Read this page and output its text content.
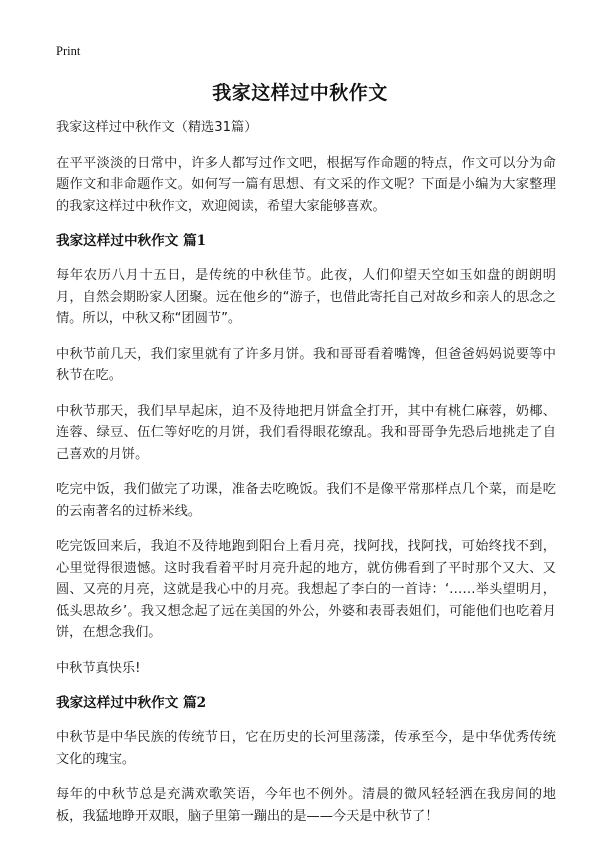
Print
我家这样过中秋作文

我家这样过中秋作文（精选31篇）

在平平淡淡的日常中，许多人都写过作文吧，根据写作命题的特点，作文可以分为命题作文和非命题作文。如何写一篇有思想、有文采的作文呢？下面是小编为大家整理的我家这样过中秋作文，欢迎阅读，希望大家能够喜欢。

我家这样过中秋作文 篇1

每年农历八月十五日，是传统的中秋佳节。此夜，人们仰望天空如玉如盘的朗朗明月，自然会期盼家人团聚。远在他乡的“游子，也借此寄托自己对故乡和亲人的思念之情。所以，中秋又称“团圆节”。

中秋节前几天，我们家里就有了许多月饼。我和哥哥看着嘴馋，但爸爸妈妈说要等中秋节在吃。

中秋节那天，我们早早起床，迫不及待地把月饼盒全打开，其中有桃仁麻蓉，奶椰、连蓉、绿豆、伍仁等好吃的月饼，我们看得眼花缭乱。我和哥哥争先恐后地挑走了自己喜欢的月饼。

吃完中饭，我们做完了功课，准备去吃晚饭。我们不是像平常那样点几个菜，而是吃的云南著名的过桥米线。

吃完饭回来后，我迫不及待地跑到阳台上看月亮，找阿找，找阿找，可始终找不到，心里觉得很遗憾。这时我看着平时月亮升起的地方，就仿佛看到了平时那个又大、又圆、又亮的月亮，这就是我心中的月亮。我想起了李白的一首诗：‘……举头望明月，低头思故乡’。我又想念起了远在美国的外公，外婆和表哥表姐们，可能他们也吃着月饼，在想念我们。

中秋节真快乐!

我家这样过中秋作文 篇2

中秋节是中华民族的传统节日，它在历史的长河里荡漾，传承至今，是中华优秀传统文化的瑰宝。

每年的中秋节总是充满欢歌笑语，今年也不例外。清晨的微风轻轻洒在我房间的地板，我猛地睁开双眼，脑子里第一蹦出的是——今天是中秋节了！
